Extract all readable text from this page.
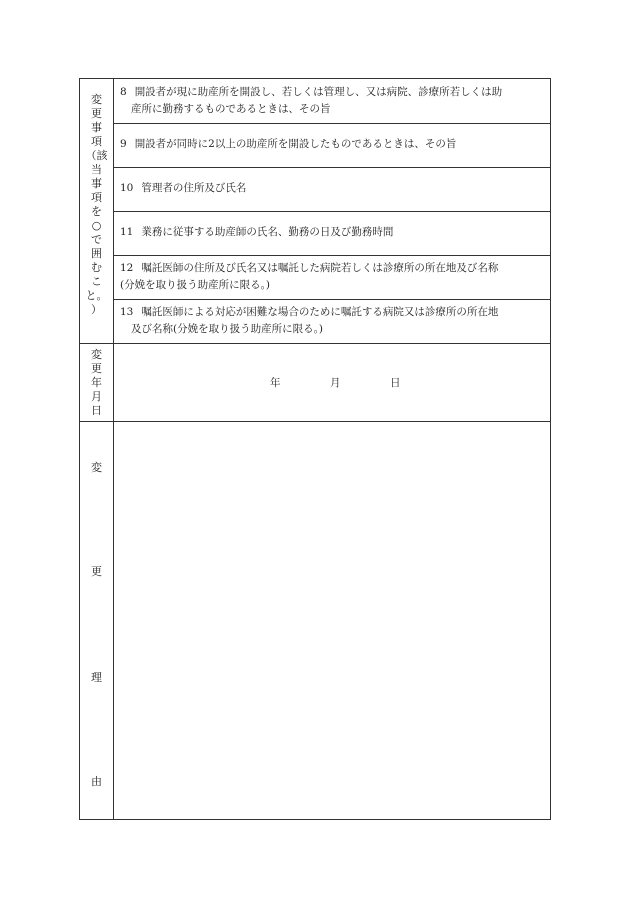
変
更
事
項
（該
当
事
項
を
○
で
囲
む
こ
と。
）
8 開設者が現に助産所を開設し、若しくは管理し、又は病院、診療所若しくは助
産所に勤務するものであるときは、その旨
9 開設者が同時に2以上の助産所を開設したものであるときは、その旨
10 管理者の住所及び氏名
11 業務に従事する助産師の氏名、勤務の日及び勤務時間
12 嘱託医師の住所及び氏名又は嘱託した病院若しくは診療所の所在地及び名称
(分娩を取り扱う助産所に限る。)
13 嘱託医師による対応が困難な場合のために嘱託する病院又は診療所の所在地
及び名称(分娩を取り扱う助産所に限る。)
変
更
年
月
日
年	月	日
変
更
理
由
